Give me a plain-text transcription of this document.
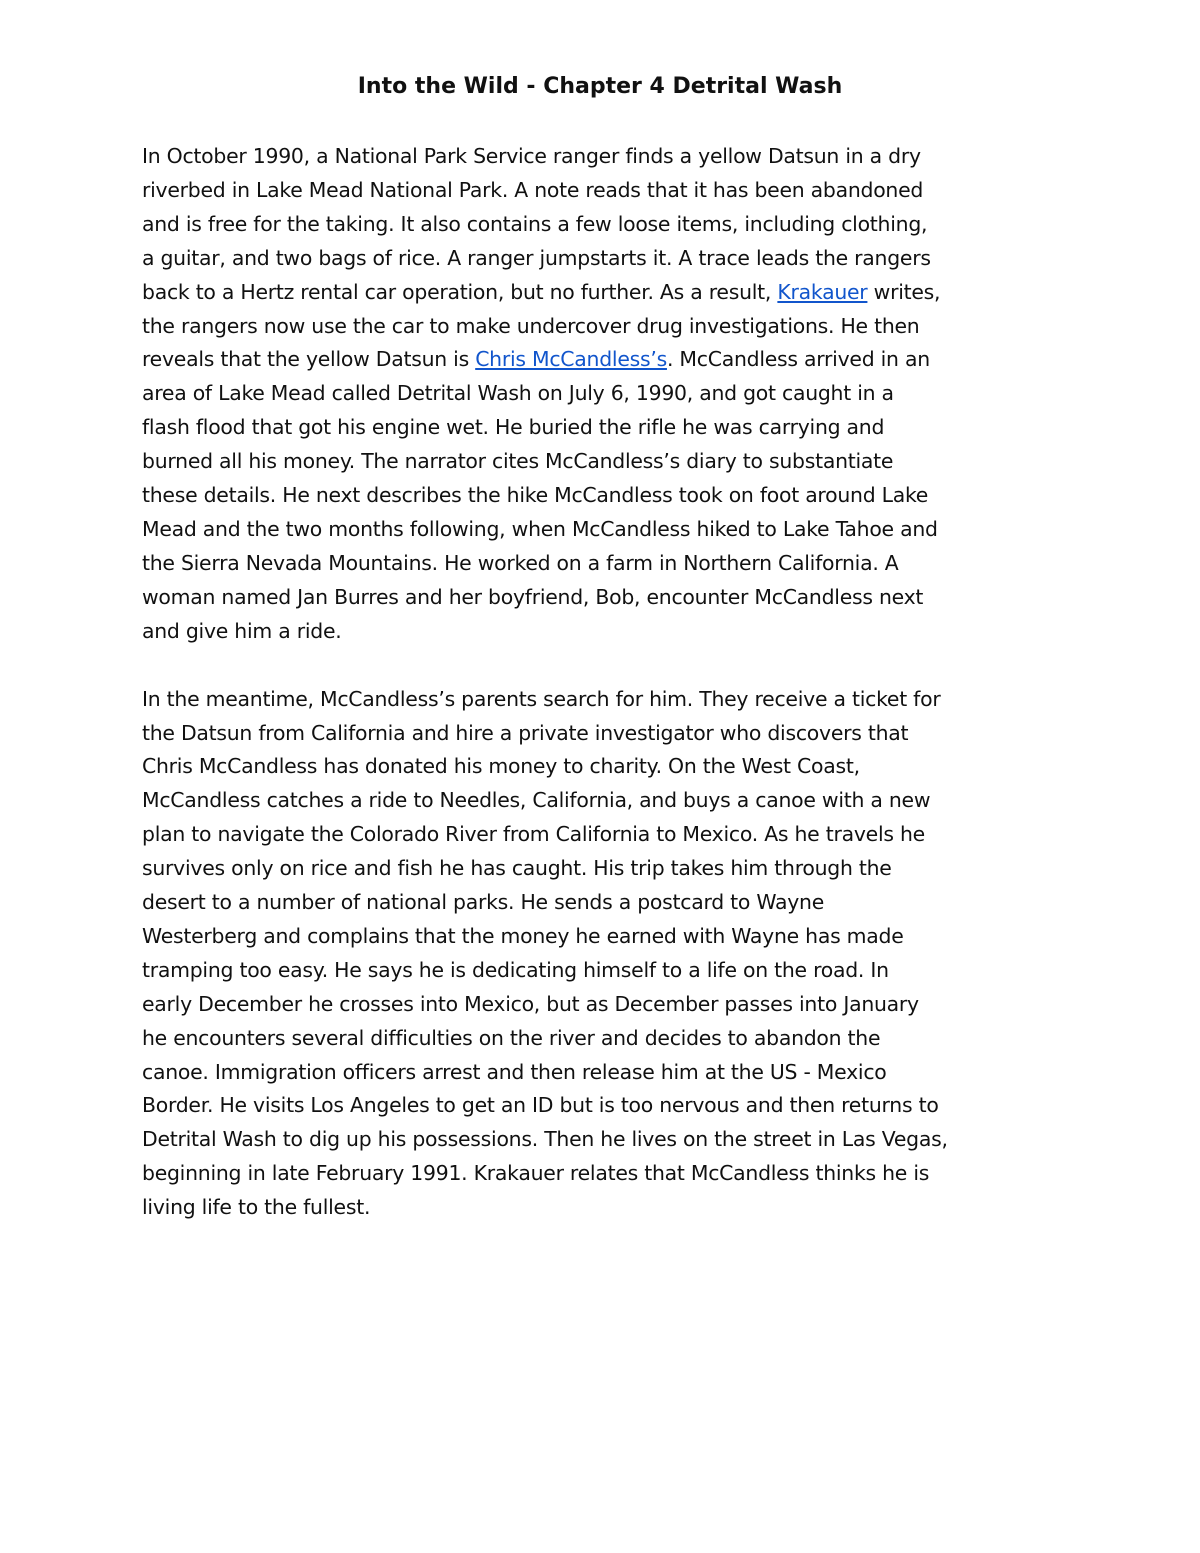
Into the Wild - Chapter 4 Detrital Wash

In October 1990, a National Park Service ranger finds a yellow Datsun in a dry
riverbed in Lake Mead National Park. A note reads that it has been abandoned
and is free for the taking. It also contains a few loose items, including clothing,
a guitar, and two bags of rice. A ranger jumpstarts it. A trace leads the rangers
back to a Hertz rental car operation, but no further. As a result, Krakauer writes,
the rangers now use the car to make undercover drug investigations. He then
reveals that the yellow Datsun is Chris McCandless’s. McCandless arrived in an
area of Lake Mead called Detrital Wash on July 6, 1990, and got caught in a
flash flood that got his engine wet. He buried the rifle he was carrying and
burned all his money. The narrator cites McCandless’s diary to substantiate
these details. He next describes the hike McCandless took on foot around Lake
Mead and the two months following, when McCandless hiked to Lake Tahoe and
the Sierra Nevada Mountains. He worked on a farm in Northern California. A
woman named Jan Burres and her boyfriend, Bob, encounter McCandless next
and give him a ride.

In the meantime, McCandless’s parents search for him. They receive a ticket for
the Datsun from California and hire a private investigator who discovers that
Chris McCandless has donated his money to charity. On the West Coast,
McCandless catches a ride to Needles, California, and buys a canoe with a new
plan to navigate the Colorado River from California to Mexico. As he travels he
survives only on rice and fish he has caught. His trip takes him through the
desert to a number of national parks. He sends a postcard to Wayne
Westerberg and complains that the money he earned with Wayne has made
tramping too easy. He says he is dedicating himself to a life on the road. In
early December he crosses into Mexico, but as December passes into January
he encounters several difficulties on the river and decides to abandon the
canoe. Immigration officers arrest and then release him at the US - Mexico
Border. He visits Los Angeles to get an ID but is too nervous and then returns to
Detrital Wash to dig up his possessions. Then he lives on the street in Las Vegas,
beginning in late February 1991. Krakauer relates that McCandless thinks he is
living life to the fullest.
